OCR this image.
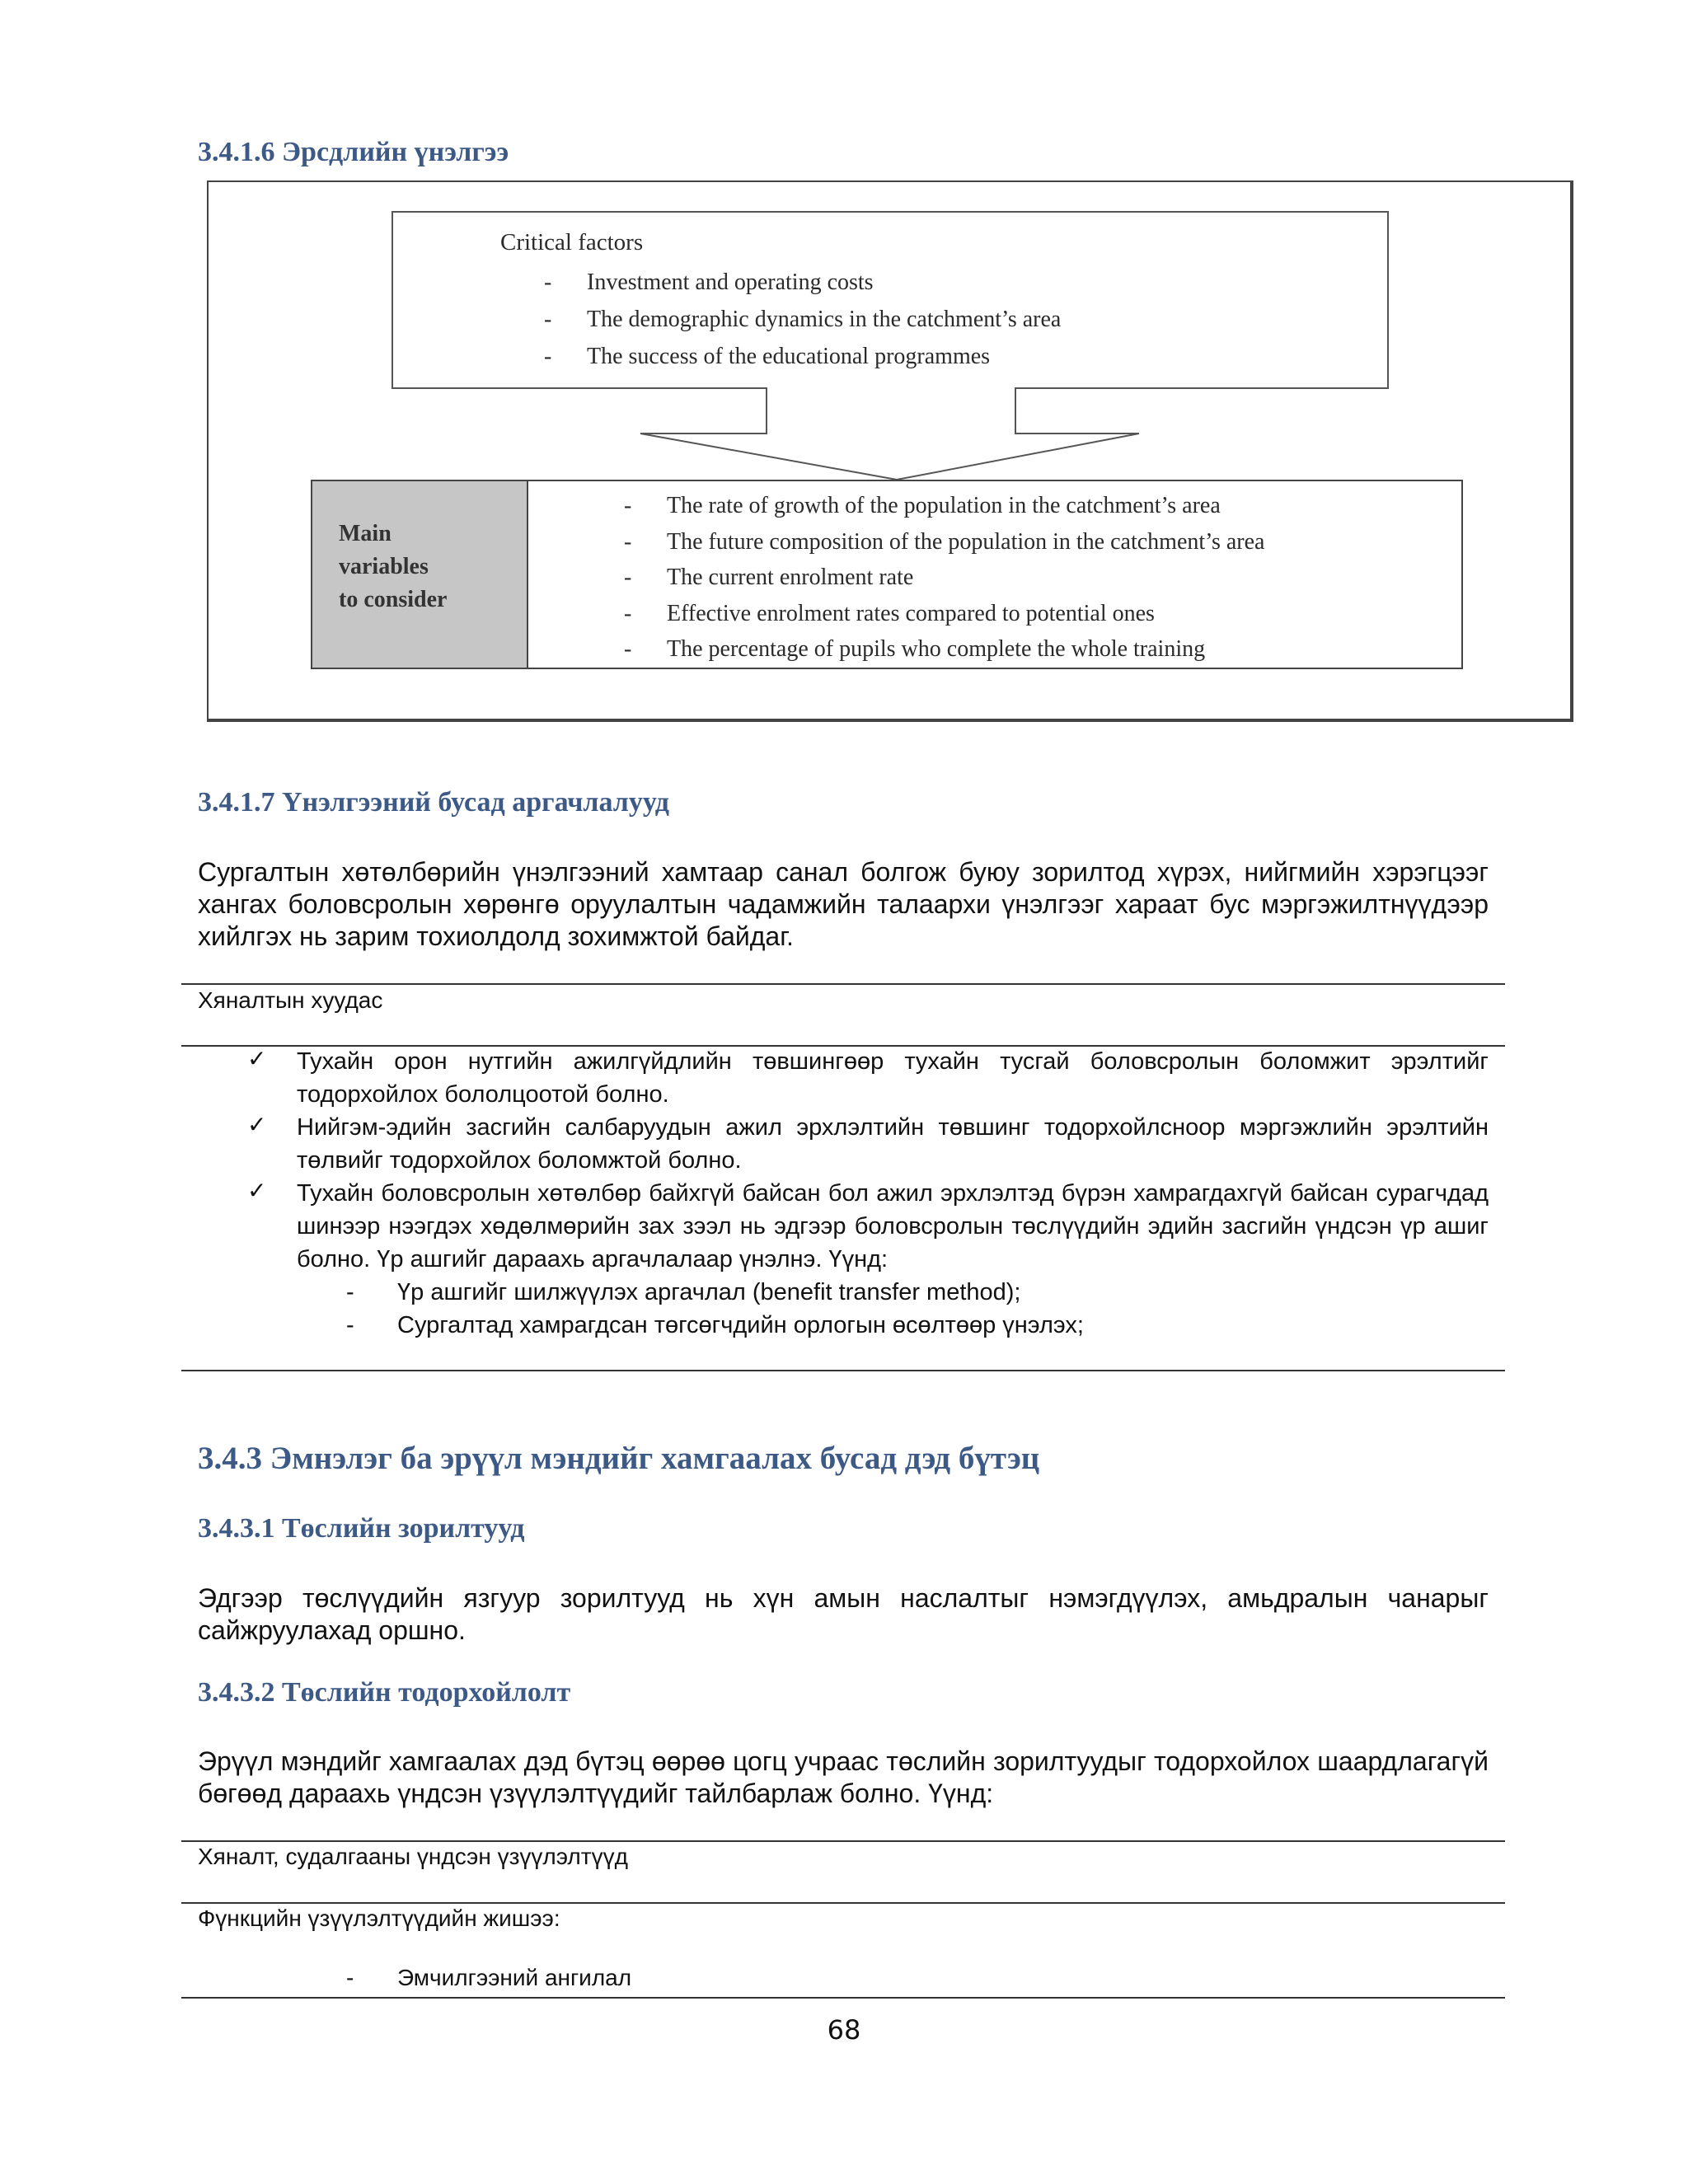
3.4.1.6 Эрсдлийн үнэлгээ
Critical factors
-	Investment and operating costs
-	The demographic dynamics in the catchment’s area
-	The success of the educational programmes
Main
variables
to consider
-	The rate of growth of the population in the catchment’s area
-	The future composition of the population in the catchment’s area
-	The current enrolment rate
-	Effective enrolment rates compared to potential ones
-	The percentage of pupils who complete the whole training
3.4.1.7 Үнэлгээний бусад аргачлалууд

Сургалтын хөтөлбөрийн үнэлгээний хамтаар санал болгож буюу зорилтод хүрэх, нийгмийн хэрэгцээг хангах боловсролын хөрөнгө оруулалтын чадамжийн талаархи үнэлгээг хараат бус мэргэжилтнүүдээр хийлгэх нь зарим тохиолдолд зохимжтой байдаг.

Хяналтын хуудас

✓ Тухайн орон нутгийн ажилгүйдлийн төвшингөөр тухайн тусгай боловсролын боломжит эрэлтийг тодорхойлох бололцоотой болно.

✓ Нийгэм-эдийн засгийн салбаруудын ажил эрхлэлтийн төвшинг тодорхойлсноор мэргэжлийн эрэлтийн төлвийг тодорхойлох боломжтой болно.

✓ Тухайн боловсролын хөтөлбөр байхгүй байсан бол ажил эрхлэлтэд бүрэн хамрагдахгүй байсан сурагчдад шинээр нээгдэх хөдөлмөрийн зах зээл нь эдгээр боловсролын төслүүдийн эдийн засгийн үндсэн үр ашиг болно. Үр ашгийг дараахь аргачлалаар үнэлнэ. Үүнд:

-	Үр ашгийг шилжүүлэх аргачлал (benefit transfer method);
-	Сургалтад хамрагдсан төгсөгчдийн орлогын өсөлтөөр үнэлэх;
3.4.3 Эмнэлэг ба эрүүл мэндийг хамгаалах бусад дэд бүтэц
3.4.3.1 Төслийн зорилтууд

Эдгээр төслүүдийн язгуур зорилтууд нь хүн амын наслалтыг нэмэгдүүлэх, амьдралын чанарыг сайжруулахад оршно.

3.4.3.2 Төслийн тодорхойлолт

Эрүүл мэндийг хамгаалах дэд бүтэц өөрөө цогц учраас төслийн зорилтуудыг тодорхойлох шаардлагагүй бөгөөд дараахь үндсэн үзүүлэлтүүдийг тайлбарлаж болно. Үүнд:

Хяналт, судалгааны үндсэн үзүүлэлтүүд

Фүнкцийн үзүүлэлтүүдийн жишээ:

-	Эмчилгээний ангилал
68
